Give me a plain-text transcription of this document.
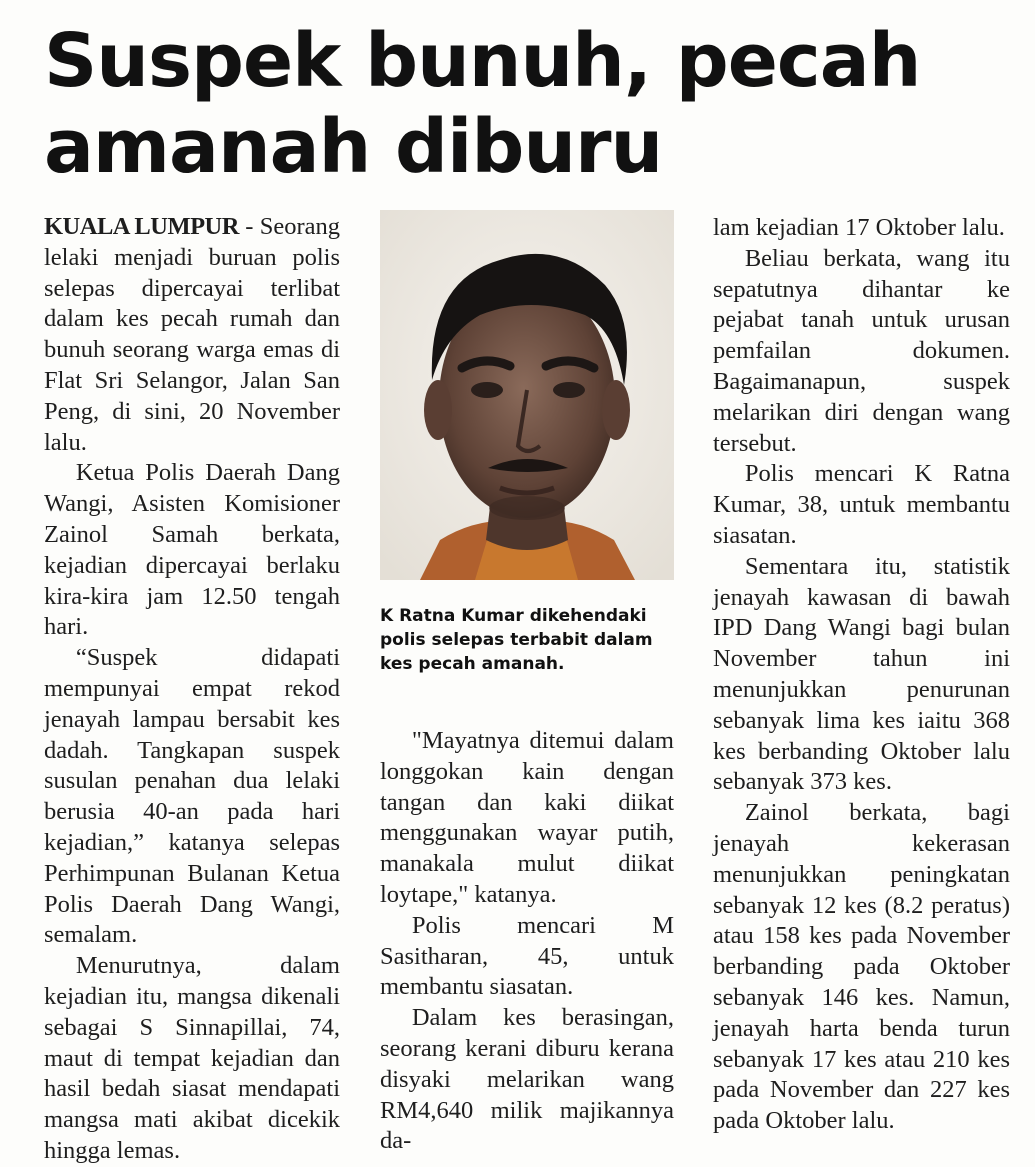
Suspek bunuh, pecah
amanah diburu

KUALA LUMPUR - Seorang lelaki menjadi buruan polis selepas dipercayai terlibat dalam kes pecah rumah dan bunuh seorang warga emas di Flat Sri Selangor, Jalan San Peng, di sini, 20 November lalu.

Ketua Polis Daerah Dang Wangi, Asisten Komisioner Zainol Samah berkata, kejadian dipercayai berlaku kira-kira jam 12.50 tengah hari.

“Suspek didapati mempunyai empat rekod jenayah lampau bersabit kes dadah. Tangkapan suspek susulan penahan dua lelaki berusia 40-an pada hari kejadian,” katanya selepas Perhimpunan Bulanan Ketua Polis Daerah Dang Wangi, semalam.

Menurutnya, dalam kejadian itu, mangsa dikenali sebagai S Sinnapillai, 74, maut di tempat kejadian dan hasil bedah siasat mendapati mangsa mati akibat dicekik hingga lemas.

K Ratna Kumar dikehendaki polis selepas terbabit dalam kes pecah amanah.

"Mayatnya ditemui dalam longgokan kain dengan tangan dan kaki diikat menggunakan wayar putih, manakala mulut diikat loytape," katanya.

Polis mencari M Sasitharan, 45, untuk membantu siasatan.

Dalam kes berasingan, seorang kerani diburu kerana disyaki melarikan wang RM4,640 milik majikannya da-

lam kejadian 17 Oktober lalu.

Beliau berkata, wang itu sepatutnya dihantar ke pejabat tanah untuk urusan pemfailan dokumen. Bagaimanapun, suspek melarikan diri dengan wang tersebut.

Polis mencari K Ratna Kumar, 38, untuk membantu siasatan.

Sementara itu, statistik jenayah kawasan di bawah IPD Dang Wangi bagi bulan November tahun ini menunjukkan penurunan sebanyak lima kes iaitu 368 kes berbanding Oktober lalu sebanyak 373 kes.

Zainol berkata, bagi jenayah kekerasan menunjukkan peningkatan sebanyak 12 kes (8.2 peratus) atau 158 kes pada November berbanding pada Oktober sebanyak 146 kes. Namun, jenayah harta benda turun sebanyak 17 kes atau 210 kes pada November dan 227 kes pada Oktober lalu.
